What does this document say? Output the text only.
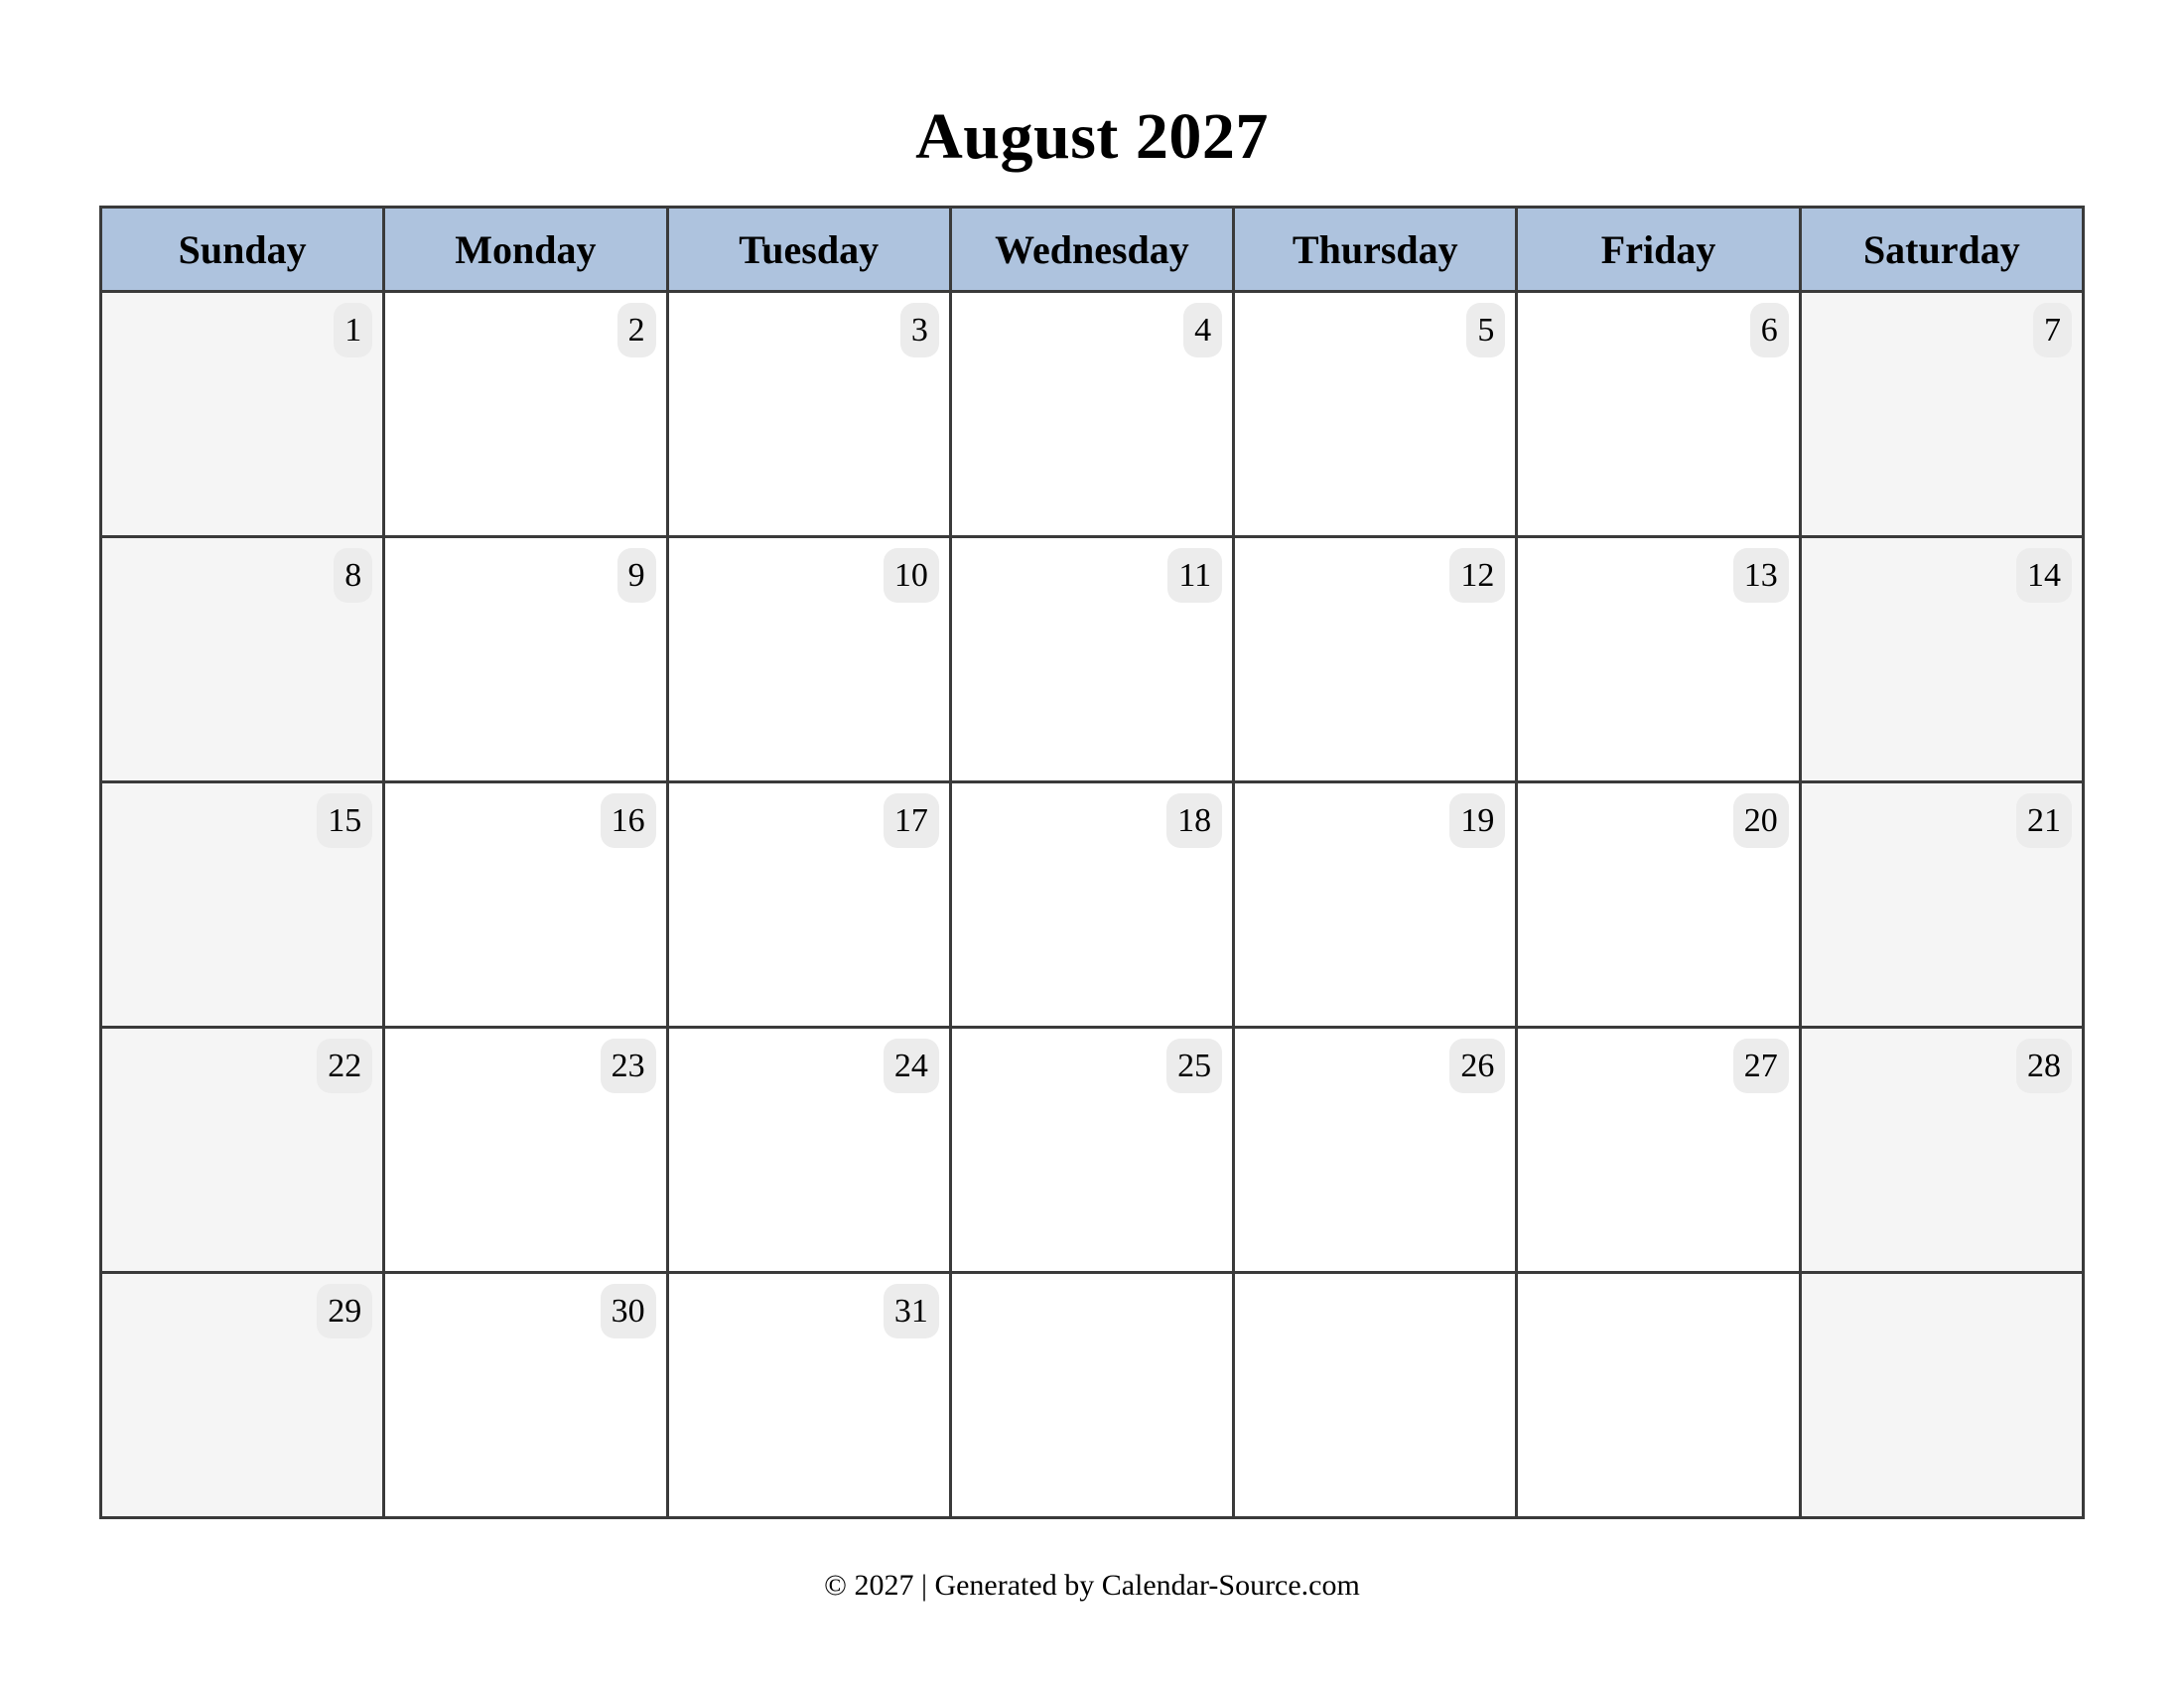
August 2027
Sunday	Monday	Tuesday	Wednesday	Thursday	Friday	Saturday
1	2	3	4	5	6	7
8	9	10	11	12	13	14
15	16	17	18	19	20	21
22	23	24	25	26	27	28
29	30	31				
© 2027 | Generated by Calendar-Source.com
